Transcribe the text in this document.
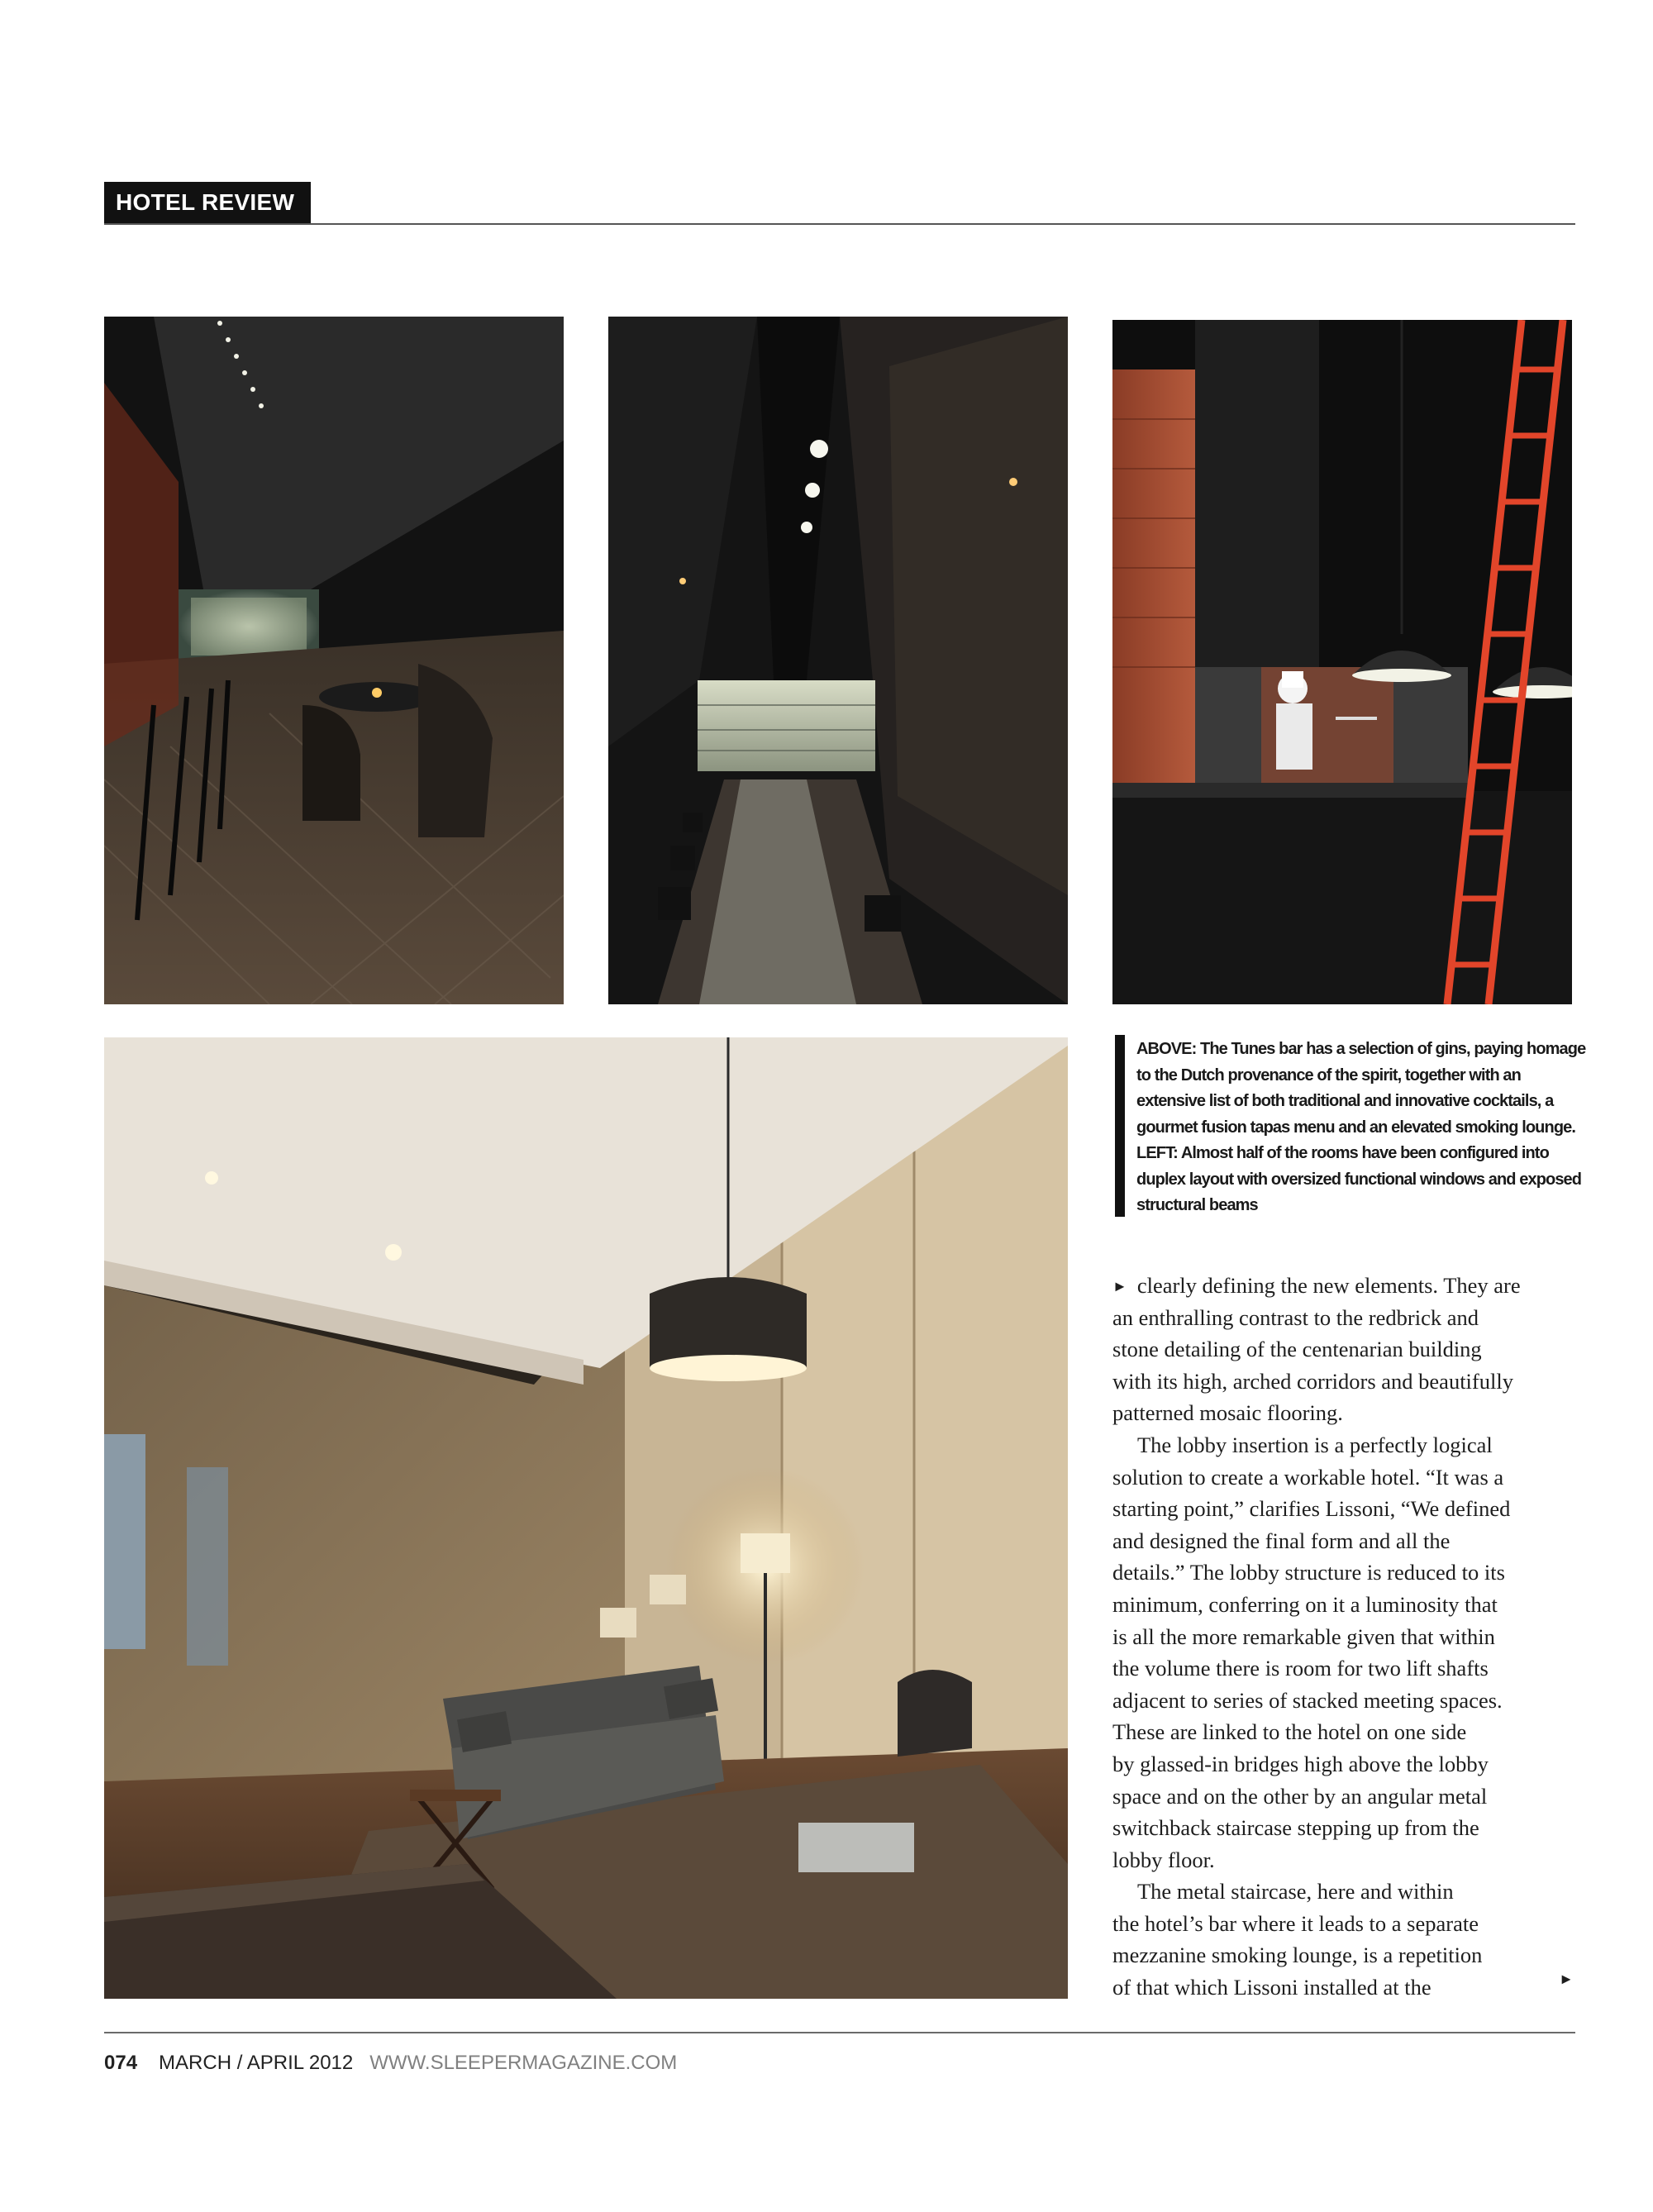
HOTEL REVIEW
ABOVE: The Tunes bar has a selection of gins, paying homage
to the Dutch provenance of the spirit, together with an
extensive list of both traditional and innovative cocktails, a
gourmet fusion tapas menu and an elevated smoking lounge.
LEFT: Almost half of the rooms have been configured into
duplex layout with oversized functional windows and exposed
structural beams
► clearly defining the new elements. They are
an enthralling contrast to the redbrick and
stone detailing of the centenarian building
with its high, arched corridors and beautifully
patterned mosaic flooring.
The lobby insertion is a perfectly logical
solution to create a workable hotel. “It was a
starting point,” clarifies Lissoni, “We defined
and designed the final form and all the
details.” The lobby structure is reduced to its
minimum, conferring on it a luminosity that
is all the more remarkable given that within
the volume there is room for two lift shafts
adjacent to series of stacked meeting spaces.
These are linked to the hotel on one side
by glassed-in bridges high above the lobby
space and on the other by an angular metal
switchback staircase stepping up from the
lobby floor.
The metal staircase, here and within
the hotel’s bar where it leads to a separate
mezzanine smoking lounge, is a repetition
of that which Lissoni installed at the	►
074 MARCH / APRIL 2012 WWW.SLEEPERMAGAZINE.COM
